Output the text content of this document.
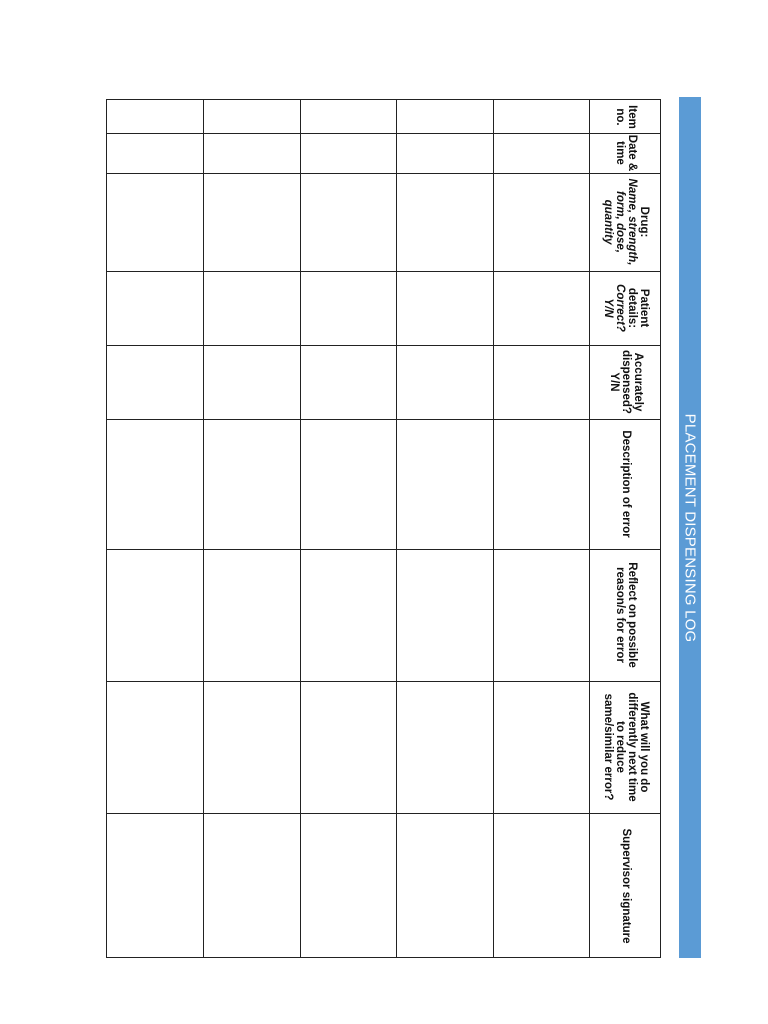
PLACEMENT DISPENSING LOG
Item
no.
Date &
time
Drug:
Name, strength, form, dose, quantity
Patient details:
Correct? Y/N
Accurately dispensed? Y/N
Description of error
Reflect on possible reason/s for error
What will you do differently next time to reduce same/similar error?
Supervisor signature
